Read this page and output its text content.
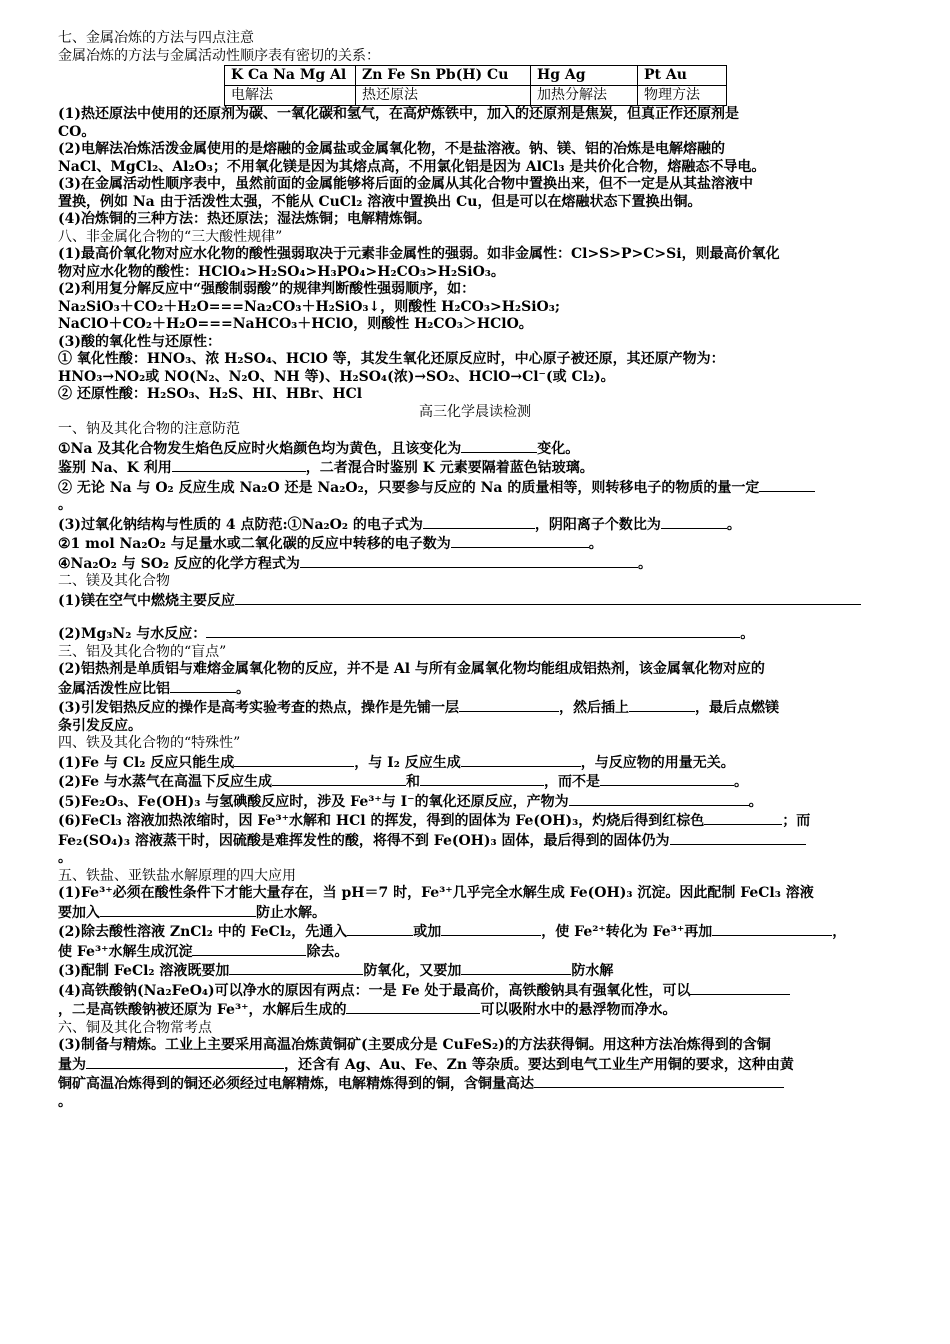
七、金属冶炼的方法与四点注意
金属冶炼的方法与金属活动性顺序表有密切的关系：
K Ca Na Mg Al	Zn Fe Sn Pb(H) Cu	Hg Ag	Pt Au
电解法	热还原法	加热分解法	物理方法
(1)热还原法中使用的还原剂为碳、一氧化碳和氢气，在高炉炼铁中，加入的还原剂是焦炭，但真正作还原剂是
CO。
(2)电解法冶炼活泼金属使用的是熔融的金属盐或金属氧化物，不是盐溶液。钠、镁、铝的冶炼是电解熔融的
NaCl、MgCl₂、Al₂O₃；不用氧化镁是因为其熔点高，不用氯化铝是因为 AlCl₃ 是共价化合物，熔融态不导电。
(3)在金属活动性顺序表中，虽然前面的金属能够将后面的金属从其化合物中置换出来，但不一定是从其盐溶液中
置换，例如 Na 由于活泼性太强，不能从 CuCl₂ 溶液中置换出 Cu，但是可以在熔融状态下置换出铜。
(4)冶炼铜的三种方法：热还原法；湿法炼铜；电解精炼铜。
八、非金属化合物的“三大酸性规律”
(1)最高价氧化物对应水化物的酸性强弱取决于元素非金属性的强弱。如非金属性：Cl>S>P>C>Si，则最高价氧化
物对应水化物的酸性：HClO₄>H₂SO₄>H₃PO₄>H₂CO₃>H₂SiO₃。
(2)利用复分解反应中“强酸制弱酸”的规律判断酸性强弱顺序，如：
Na₂SiO₃＋CO₂＋H₂O===Na₂CO₃＋H₂SiO₃↓，则酸性 H₂CO₃>H₂SiO₃;
NaClO＋CO₂＋H₂O===NaHCO₃＋HClO，则酸性 H₂CO₃＞HClO。
(3)酸的氧化性与还原性：
① 氧化性酸：HNO₃、浓 H₂SO₄、HClO 等，其发生氧化还原反应时，中心原子被还原，其还原产物为：
HNO₃→NO₂或 NO(N₂、N₂O、NH 等)、H₂SO₄(浓)→SO₂、HClO→Cl⁻(或 Cl₂)。
② 还原性酸：H₂SO₃、H₂S、HI、HBr、HCl
高三化学晨读检测
一、钠及其化合物的注意防范
①Na 及其化合物发生焰色反应时火焰颜色均为黄色，且该变化为	变化。
鉴别 Na、K 利用	，二者混合时鉴别 K 元素要隔着蓝色钴玻璃。
② 无论 Na 与 O₂ 反应生成 Na₂O 还是 Na₂O₂，只要参与反应的 Na 的质量相等，则转移电子的物质的量一定
。
(3)过氧化钠结构与性质的 4 点防范:①Na₂O₂ 的电子式为	，阴阳离子个数比为	。
②1 mol Na₂O₂ 与足量水或二氧化碳的反应中转移的电子数为	。
④Na₂O₂ 与 SO₂ 反应的化学方程式为	。
二、镁及其化合物
(1)镁在空气中燃烧主要反应
(2)Mg₃N₂ 与水反应：	。
三、铝及其化合物的“盲点”
(2)铝热剂是单质铝与难熔金属氧化物的反应，并不是 Al 与所有金属氧化物均能组成铝热剂，该金属氧化物对应的
金属活泼性应比铝	。
(3)引发铝热反应的操作是高考实验考查的热点，操作是先铺一层	，然后插上	，最后点燃镁
条引发反应。
四、铁及其化合物的“特殊性”
(1)Fe 与 Cl₂ 反应只能生成	，与 I₂ 反应生成	，与反应物的用量无关。
(2)Fe 与水蒸气在高温下反应生成	和	，而不是	。
(5)Fe₂O₃、Fe(OH)₃ 与氢碘酸反应时，涉及 Fe³⁺与 I⁻的氧化还原反应，产物为	。
(6)FeCl₃ 溶液加热浓缩时，因 Fe³⁺水解和 HCl 的挥发，得到的固体为 Fe(OH)₃，灼烧后得到红棕色	；而
Fe₂(SO₄)₃ 溶液蒸干时，因硫酸是难挥发性的酸，将得不到 Fe(OH)₃ 固体，最后得到的固体仍为
。
五、铁盐、亚铁盐水解原理的四大应用
(1)Fe³⁺必须在酸性条件下才能大量存在，当 pH＝7 时，Fe³⁺几乎完全水解生成 Fe(OH)₃ 沉淀。因此配制 FeCl₃ 溶液
要加入	防止水解。
(2)除去酸性溶液 ZnCl₂ 中的 FeCl₂，先通入	或加	，使 Fe²⁺转化为 Fe³⁺再加	，
使 Fe³⁺水解生成沉淀	除去。
(3)配制 FeCl₂ 溶液既要加	防氧化，又要加	防水解
(4)高铁酸钠(Na₂FeO₄)可以净水的原因有两点：一是 Fe 处于最高价，高铁酸钠具有强氧化性，可以
，二是高铁酸钠被还原为 Fe³⁺，水解后生成的	可以吸附水中的悬浮物而净水。
六、铜及其化合物常考点
(3)制备与精炼。工业上主要采用高温冶炼黄铜矿(主要成分是 CuFeS₂)的方法获得铜。用这种方法冶炼得到的含铜
量为	，还含有 Ag、Au、Fe、Zn 等杂质。要达到电气工业生产用铜的要求，这种由黄
铜矿高温冶炼得到的铜还必须经过电解精炼，电解精炼得到的铜，含铜量高达
。
